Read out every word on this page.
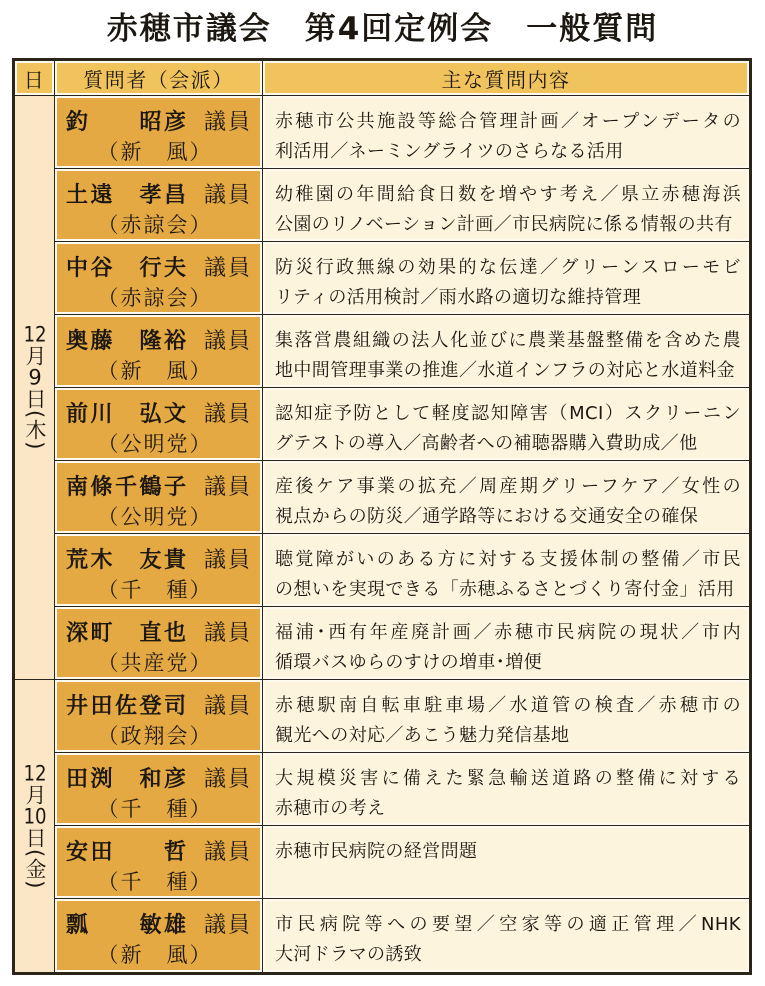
赤穂市議会　第4回定例会　一般質問
日	質問者（会派）	主な質問内容
12月9日(木)
12月10日(金)
釣　　昭彦 議員
（新　風）
赤穂市公共施設等総合管理計画／オープンデータの
利活用／ネーミングライツのさらなる活用
土遠　孝昌 議員
（赤諒会）
幼稚園の年間給食日数を増やす考え／県立赤穂海浜
公園のリノベーション計画／市民病院に係る情報の共有
中谷　行夫 議員
（赤諒会）
防災行政無線の効果的な伝達／グリーンスローモビ
リティの活用検討／雨水路の適切な維持管理
奥藤　隆裕 議員
（新　風）
集落営農組織の法人化並びに農業基盤整備を含めた農
地中間管理事業の推進／水道インフラの対応と水道料金
前川　弘文 議員
（公明党）
認知症予防として軽度認知障害（MCI）スクリーニン
グテストの導入／高齢者への補聴器購入費助成／他
南條千鶴子 議員
（公明党）
産後ケア事業の拡充／周産期グリーフケア／女性の
視点からの防災／通学路等における交通安全の確保
荒木　友貴 議員
（千　種）
聴覚障がいのある方に対する支援体制の整備／市民
の想いを実現できる「赤穂ふるさとづくり寄付金」活用
深町　直也 議員
（共産党）
福浦･西有年産廃計画／赤穂市民病院の現状／市内
循環バスゆらのすけの増車･増便
井田佐登司 議員
（政翔会）
赤穂駅南自転車駐車場／水道管の検査／赤穂市の
観光への対応／あこう魅力発信基地
田渕　和彦 議員
（千　種）
大規模災害に備えた緊急輸送道路の整備に対する
赤穂市の考え
安田　　哲 議員
（千　種）
赤穂市民病院の経営問題
瓢　　敏雄 議員
（新　風）
市民病院等への要望／空家等の適正管理／NHK
大河ドラマの誘致
